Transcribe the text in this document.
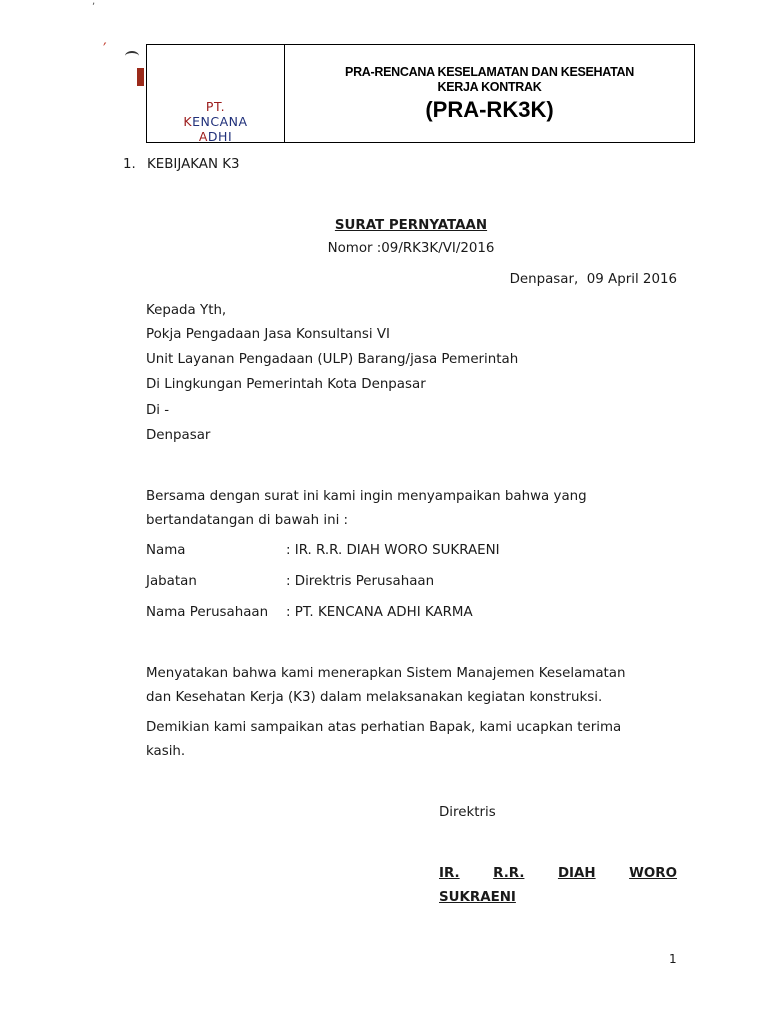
,
′
PT.
KENCANA
ADHI
PRA-RENCANA KESELAMATAN DAN KESEHATAN
KERJA KONTRAK
(PRA-RK3K)
1. KEBIJAKAN K3
SURAT PERNYATAAN
Nomor :09/RK3K/VI/2016
Denpasar,  09 April 2016
Kepada Yth,
Pokja Pengadaan Jasa Konsultansi VI
Unit Layanan Pengadaan (ULP) Barang/jasa Pemerintah
Di Lingkungan Pemerintah Kota Denpasar
Di -
Denpasar
Bersama dengan surat ini kami ingin menyampaikan bahwa yang
bertandatangan di bawah ini :
Nama	: IR. R.R. DIAH WORO SUKRAENI
Jabatan	: Direktris Perusahaan
Nama Perusahaan : PT. KENCANA ADHI KARMA
Menyatakan bahwa kami menerapkan Sistem Manajemen Keselamatan
dan Kesehatan Kerja (K3) dalam melaksanakan kegiatan konstruksi.
Demikian kami sampaikan atas perhatian Bapak, kami ucapkan terima
kasih.
Direktris
IR.	R.R.	DIAH	WORO
SUKRAENI
1
